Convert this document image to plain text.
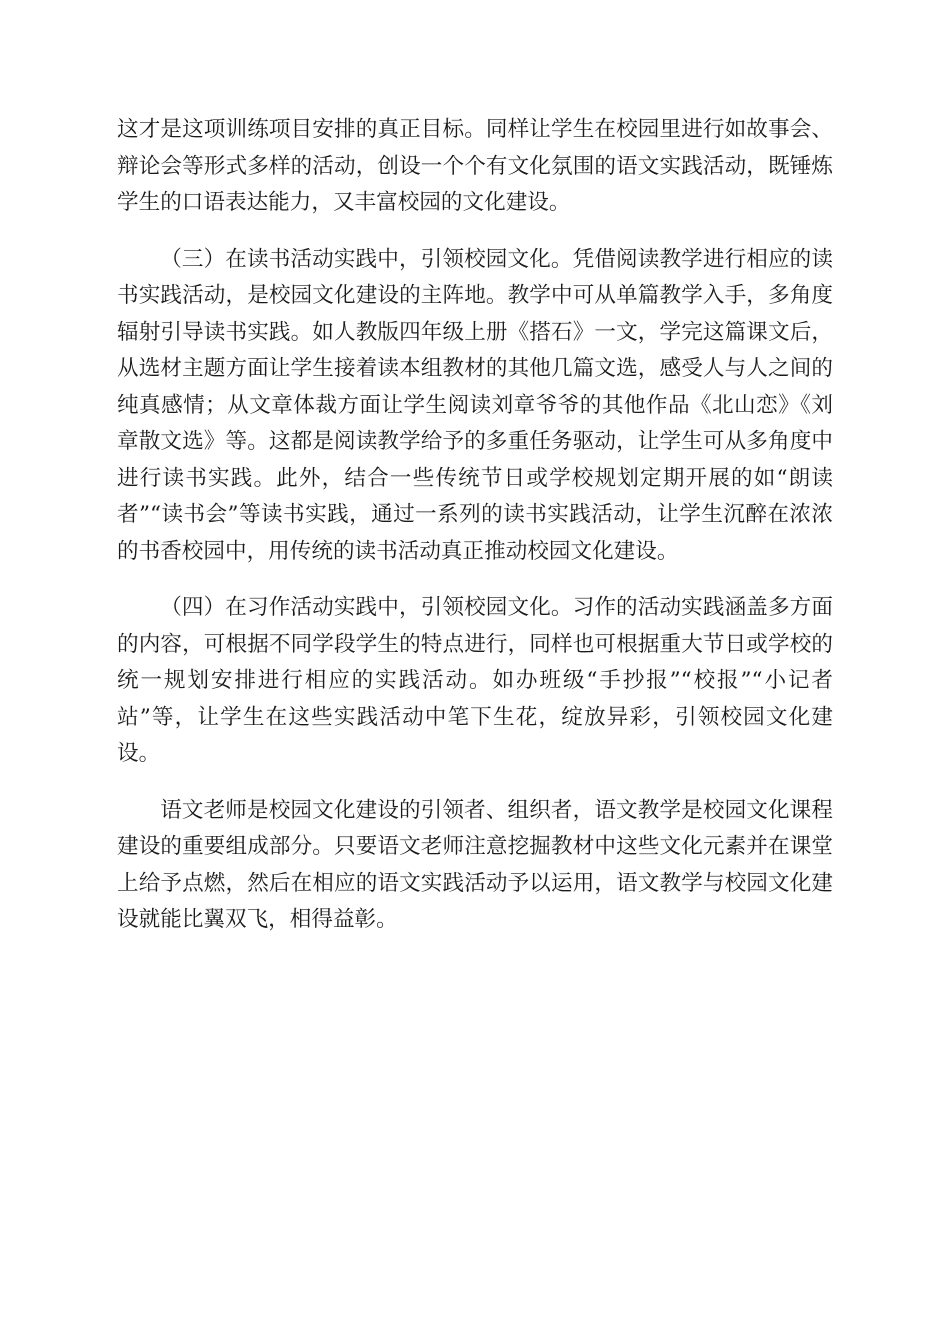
这才是这项训练项目安排的真正目标。同样让学生在校园里进行如故事会、辩论会等形式多样的活动，创设一个个有文化氛围的语文实践活动，既锤炼学生的口语表达能力，又丰富校园的文化建设。

（三）在读书活动实践中，引领校园文化。凭借阅读教学进行相应的读书实践活动，是校园文化建设的主阵地。教学中可从单篇教学入手，多角度辐射引导读书实践。如人教版四年级上册《搭石》一文，学完这篇课文后，从选材主题方面让学生接着读本组教材的其他几篇文选，感受人与人之间的纯真感情；从文章体裁方面让学生阅读刘章爷爷的其他作品《北山恋》《刘章散文选》等。这都是阅读教学给予的多重任务驱动，让学生可从多角度中进行读书实践。此外，结合一些传统节日或学校规划定期开展的如“朗读者”“读书会”等读书实践，通过一系列的读书实践活动，让学生沉醉在浓浓的书香校园中，用传统的读书活动真正推动校园文化建设。

（四）在习作活动实践中，引领校园文化。习作的活动实践涵盖多方面的内容，可根据不同学段学生的特点进行，同样也可根据重大节日或学校的统一规划安排进行相应的实践活动。如办班级“手抄报”“校报”“小记者站”等，让学生在这些实践活动中笔下生花，绽放异彩，引领校园文化建设。

语文老师是校园文化建设的引领者、组织者，语文教学是校园文化课程建设的重要组成部分。只要语文老师注意挖掘教材中这些文化元素并在课堂上给予点燃，然后在相应的语文实践活动予以运用，语文教学与校园文化建设就能比翼双飞，相得益彰。
